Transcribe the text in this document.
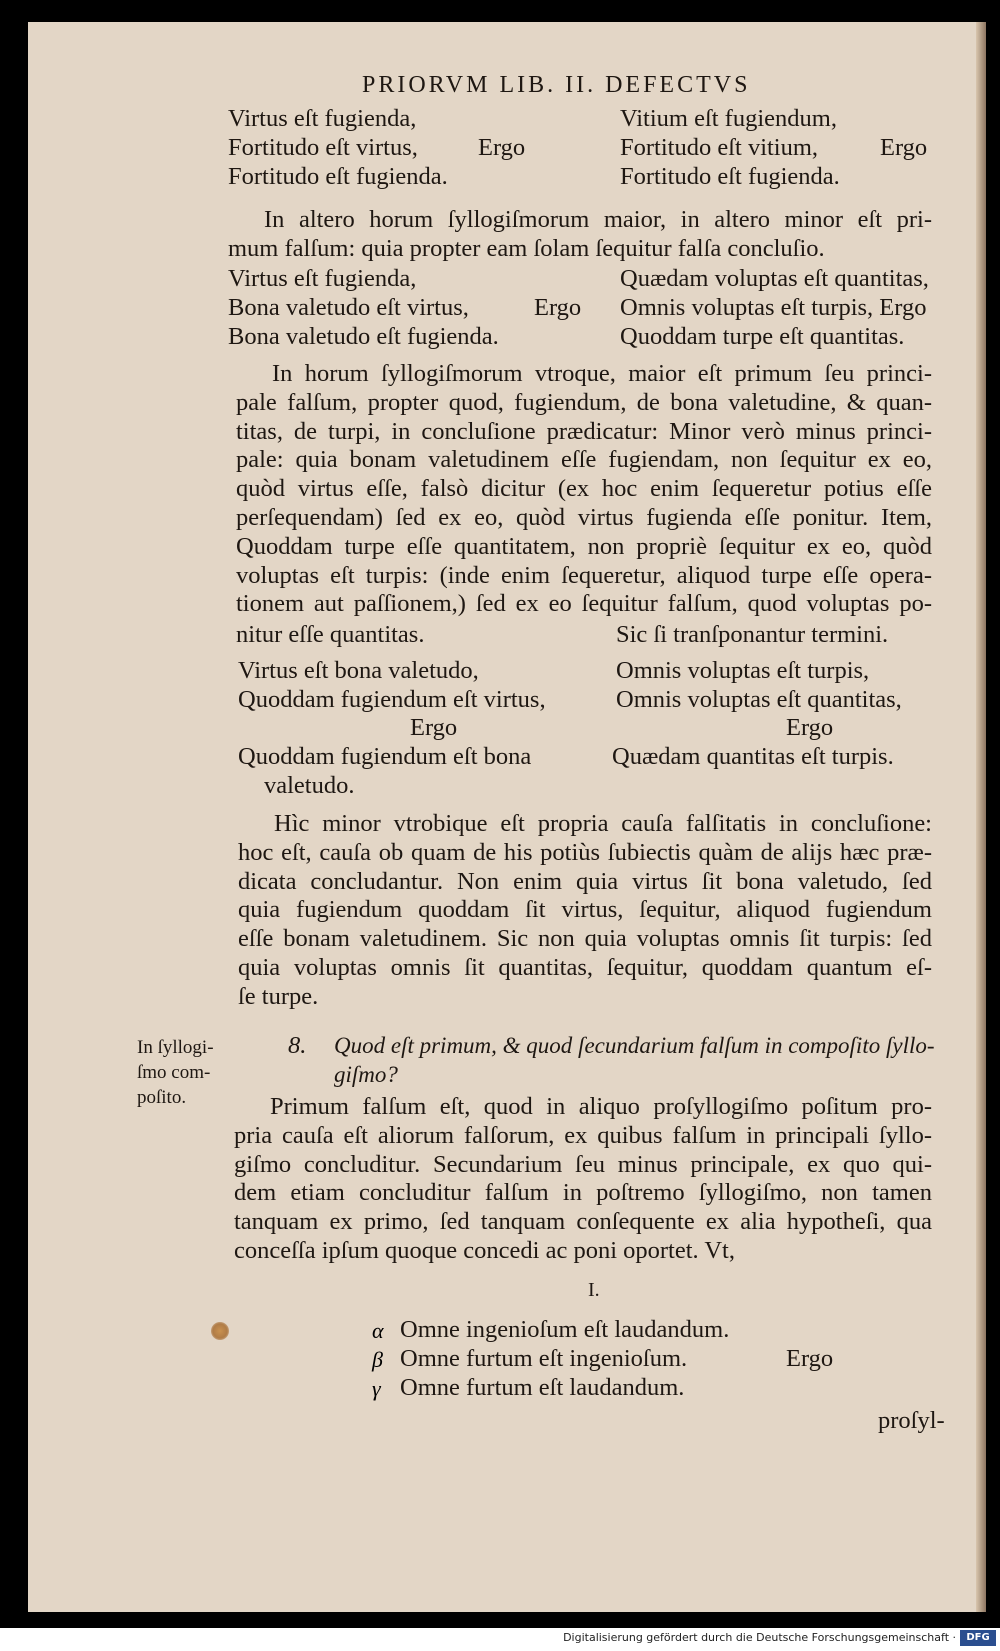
PRIORVM LIB. II. DEFECTVS
Virtus eſt fugienda,
Fortitudo eſt virtus,
Fortitudo eſt fugienda.
Ergo
Vitium eſt fugiendum,
Fortitudo eſt vitium,
Fortitudo eſt fugienda.
Ergo
In altero horum ſyllogiſmorum maior, in altero minor eſt pri-
mum falſum: quia propter eam ſolam ſequitur falſa concluſio.
Virtus eſt fugienda,
Bona valetudo eſt virtus,
Bona valetudo eſt fugienda.
Ergo
Quædam voluptas eſt quantitas,
Omnis voluptas eſt turpis, Ergo
Quoddam turpe eſt quantitas.
In horum ſyllogiſmorum vtroque, maior eſt primum ſeu princi-
pale falſum, propter quod, fugiendum, de bona valetudine, & quan-
titas, de turpi, in concluſione prædicatur: Minor verò minus princi-
pale: quia bonam valetudinem eſſe fugiendam, non ſequitur ex eo,
quòd virtus eſſe, falsò dicitur (ex hoc enim ſequeretur potius eſſe
perſequendam) ſed ex eo, quòd virtus fugienda eſſe ponitur. Item,
Quoddam turpe eſſe quantitatem, non propriè ſequitur ex eo, quòd
voluptas eſt turpis: (inde enim ſequeretur, aliquod turpe eſſe opera-
tionem aut paſſionem,) ſed ex eo ſequitur falſum, quod voluptas po-
nitur eſſe quantitas.	Sic ſi tranſponantur termini.
Virtus eſt bona valetudo,
Quoddam fugiendum eſt virtus,
Ergo
Quoddam fugiendum eſt bona
valetudo.
Omnis voluptas eſt turpis,
Omnis voluptas eſt quantitas,
Ergo
Quædam quantitas eſt turpis.
Hìc minor vtrobique eſt propria cauſa falſitatis in concluſione:
hoc eſt, cauſa ob quam de his potiùs ſubiectis quàm de alijs hæc præ-
dicata concludantur. Non enim quia virtus ſit bona valetudo, ſed
quia fugiendum quoddam ſit virtus, ſequitur, aliquod fugiendum
eſſe bonam valetudinem. Sic non quia voluptas omnis ſit turpis: ſed
quia voluptas omnis ſit quantitas, ſequitur, quoddam quantum eſ-
ſe turpe.
In ſyllogi-
ſmo com-
poſito.
8. Quod eſt primum, & quod ſecundarium falſum in compoſito ſyllo-
giſmo?
Primum falſum eſt, quod in aliquo proſyllogiſmo poſitum pro-
pria cauſa eſt aliorum falſorum, ex quibus falſum in principali ſyllo-
giſmo concluditur. Secundarium ſeu minus principale, ex quo qui-
dem etiam concluditur falſum in poſtremo ſyllogiſmo, non tamen
tanquam ex primo, ſed tanquam conſequente ex alia hypotheſi, qua
conceſſa ipſum quoque concedi ac poni oportet. Vt,
I.
α
β
γ
Omne ingenioſum eſt laudandum.
Omne furtum eſt ingenioſum.
Omne furtum eſt laudandum.
Ergo
proſyl-
Digitalisierung gefördert durch die Deutsche Forschungsgemeinschaft ·	DFG
